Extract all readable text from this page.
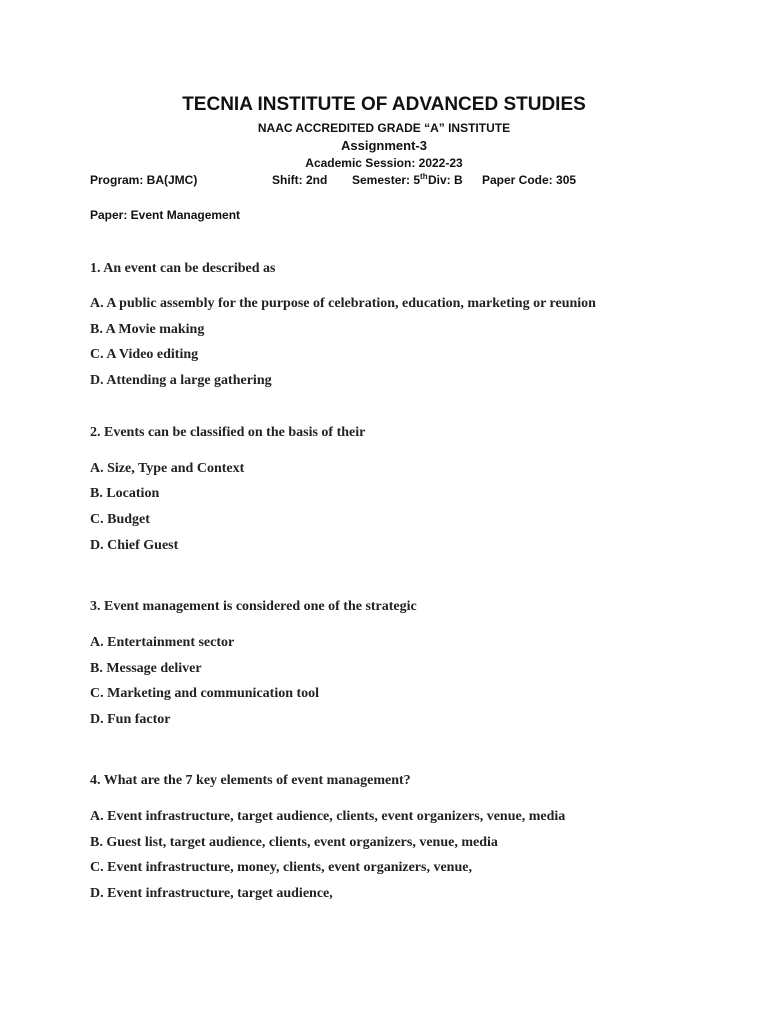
TECNIA INSTITUTE OF ADVANCED STUDIES
NAAC ACCREDITED GRADE “A” INSTITUTE
Assignment-3
Academic Session: 2022-23
Program: BA(JMC)	Shift: 2nd Semester: 5th Div: B Paper Code: 305
Paper: Event Management
1. An event can be described as
A. A public assembly for the purpose of celebration, education, marketing or reunion
B. A Movie making
C. A Video editing
D. Attending a large gathering
2. Events can be classified on the basis of their
A. Size, Type and Context
B. Location
C. Budget
D. Chief Guest
3. Event management is considered one of the strategic
A. Entertainment sector
B. Message deliver
C. Marketing and communication tool
D. Fun factor
4. What are the 7 key elements of event management?
A. Event infrastructure, target audience, clients, event organizers, venue, media
B. Guest list, target audience, clients, event organizers, venue, media
C. Event infrastructure, money, clients, event organizers, venue,
D. Event infrastructure, target audience,
